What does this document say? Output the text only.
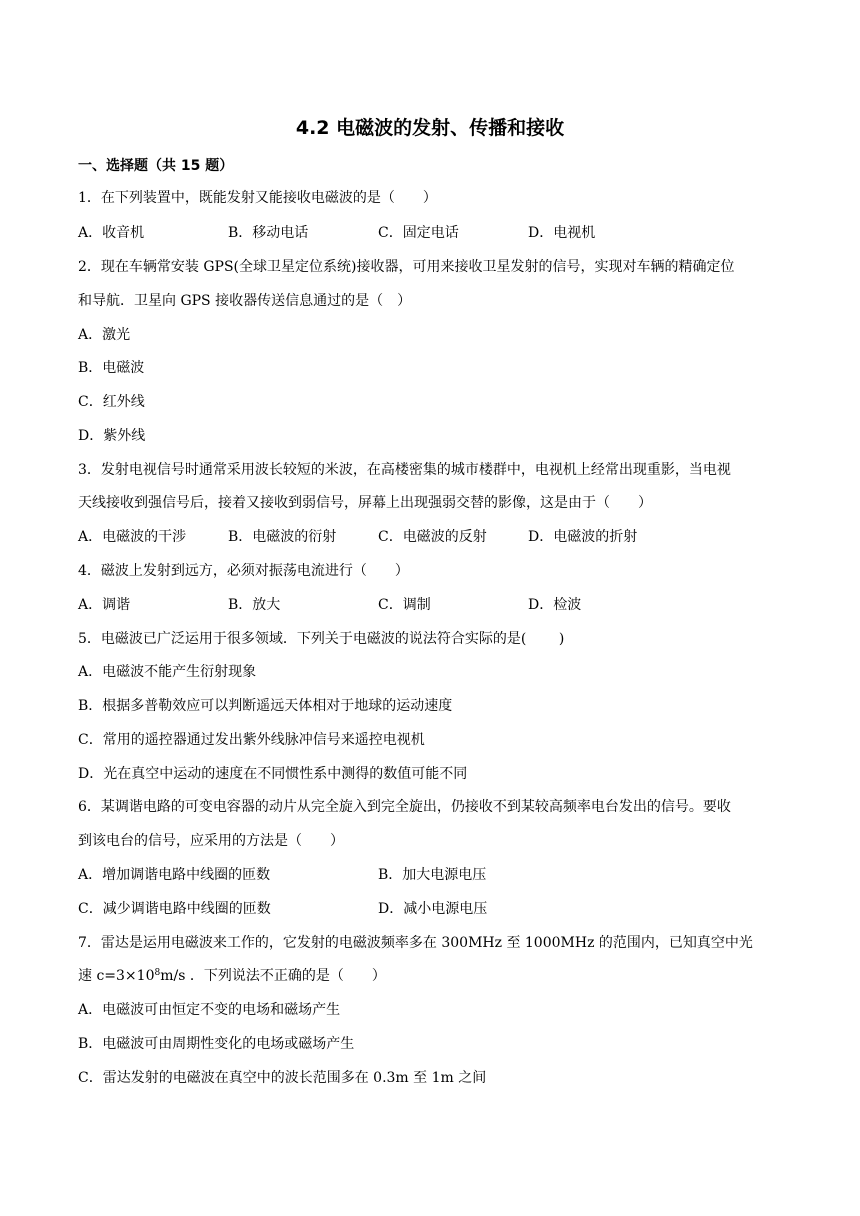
4.2 电磁波的发射、传播和接收
一、选择题（共 15 题）
1．在下列装置中，既能发射又能接收电磁波的是（　　）
A．收音机	B．移动电话	C．固定电话	D．电视机
2．现在车辆常安装 GPS(全球卫星定位系统)接收器，可用来接收卫星发射的信号，实现对车辆的精确定位
和导航．卫星向 GPS 接收器传送信息通过的是（　）
A．激光
B．电磁波
C．红外线
D．紫外线
3．发射电视信号时通常采用波长较短的米波，在高楼密集的城市楼群中，电视机上经常出现重影，当电视
天线接收到强信号后，接着又接收到弱信号，屏幕上出现强弱交替的影像，这是由于（　　）
A．电磁波的干涉	B．电磁波的衍射	C．电磁波的反射	D．电磁波的折射
4．磁波上发射到远方，必须对振荡电流进行（　　）
A．调谐	B．放大	C．调制	D．检波
5．电磁波已广泛运用于很多领域．下列关于电磁波的说法符合实际的是(　　 )
A．电磁波不能产生衍射现象
B．根据多普勒效应可以判断遥远天体相对于地球的运动速度
C．常用的遥控器通过发出紫外线脉冲信号来遥控电视机
D．光在真空中运动的速度在不同惯性系中测得的数值可能不同
6．某调谐电路的可变电容器的动片从完全旋入到完全旋出，仍接收不到某较高频率电台发出的信号。要收
到该电台的信号，应采用的方法是（　　）
A．增加调谐电路中线圈的匝数	B．加大电源电压
C．减少调谐电路中线圈的匝数	D．减小电源电压
7．雷达是运用电磁波来工作的，它发射的电磁波频率多在 300MHz 至 1000MHz 的范围内，已知真空中光
速 $c=3\times 10^8m/s$ ．下列说法不正确的是（　　）
A．电磁波可由恒定不变的电场和磁场产生
B．电磁波可由周期性变化的电场或磁场产生
C．雷达发射的电磁波在真空中的波长范围多在 0.3m 至 1m 之间
